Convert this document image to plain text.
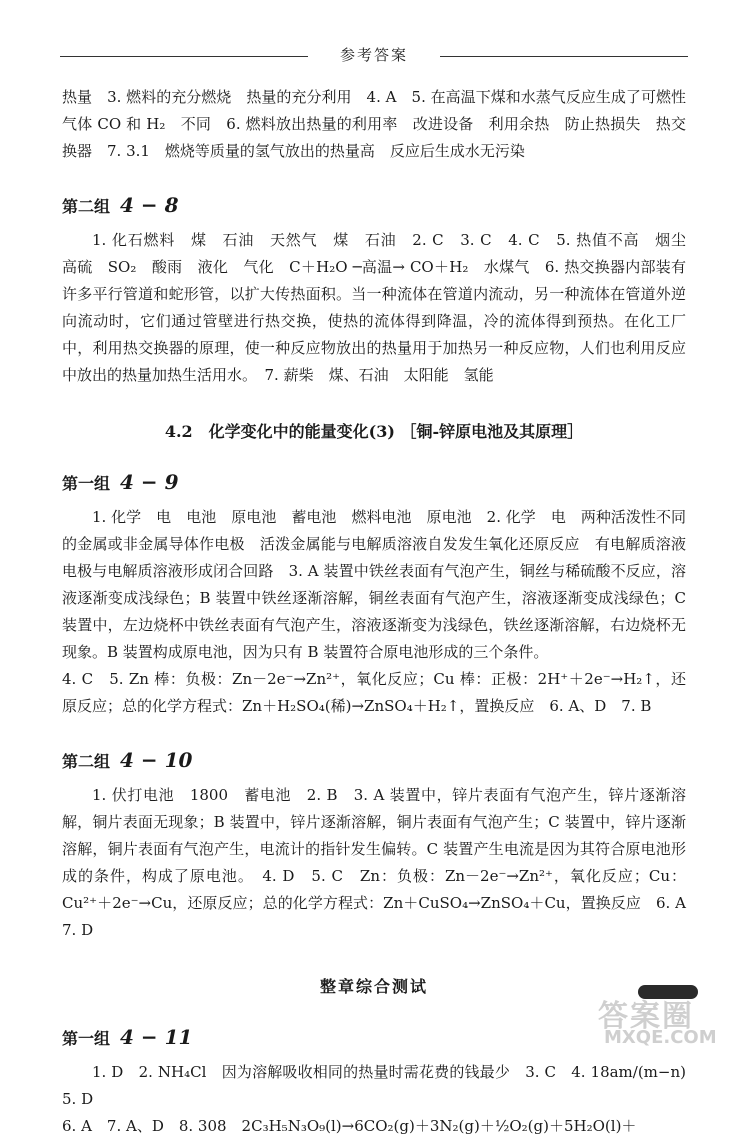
参考答案

热量　3. 燃料的充分燃烧　热量的充分利用　4. A　5. 在高温下煤和水蒸气反应生成了可燃性气体 CO 和 H₂　不同　6. 燃料放出热量的利用率　改进设备　利用余热　防止热损失　热交换器　7. 3.1　燃烧等质量的氢气放出的热量高　反应后生成水无污染

第二组 4 − 8

1. 化石燃料　煤　石油　天然气　煤　石油　2. C　3. C　4. C　5. 热值不高　烟尘　高硫　SO₂　酸雨　液化　气化　C＋H₂O ─高温→ CO＋H₂　水煤气　6. 热交换器内部装有许多平行管道和蛇形管，以扩大传热面积。当一种流体在管道内流动，另一种流体在管道外逆向流动时，它们通过管壁进行热交换，使热的流体得到降温，冷的流体得到预热。在化工厂中，利用热交换器的原理，使一种反应物放出的热量用于加热另一种反应物，人们也利用反应中放出的热量加热生活用水。　7. 薪柴　煤、石油　太阳能　氢能

4.2　化学变化中的能量变化(3) ［铜-锌原电池及其原理］
第一组 4 − 9

1. 化学　电　电池　原电池　蓄电池　燃料电池　原电池　2. 化学　电　两种活泼性不同的金属或非金属导体作电极　活泼金属能与电解质溶液自发发生氧化还原反应　有电解质溶液　电极与电解质溶液形成闭合回路　3. A 装置中铁丝表面有气泡产生，铜丝与稀硫酸不反应，溶液逐渐变成浅绿色；B 装置中铁丝逐渐溶解，铜丝表面有气泡产生，溶液逐渐变成浅绿色；C 装置中，左边烧杯中铁丝表面有气泡产生，溶液逐渐变为浅绿色，铁丝逐渐溶解，右边烧杯无现象。B 装置构成原电池，因为只有 B 装置符合原电池形成的三个条件。

4. C　5. Zn 棒：负极：Zn－2e⁻→Zn²⁺，氧化反应；Cu 棒：正极：2H⁺＋2e⁻→H₂↑，还原反应；总的化学方程式：Zn＋H₂SO₄(稀)→ZnSO₄＋H₂↑，置换反应　6. A、D　7. B

第二组 4 − 10

1. 伏打电池　1800　蓄电池　2. B　3. A 装置中，锌片表面有气泡产生，锌片逐渐溶解，铜片表面无现象；B 装置中，锌片逐渐溶解，铜片表面有气泡产生；C 装置中，锌片逐渐溶解，铜片表面有气泡产生，电流计的指针发生偏转。C 装置产生电流是因为其符合原电池形成的条件，构成了原电池。　4. D　5. C　Zn：负极：Zn－2e⁻→Zn²⁺，氧化反应；Cu：Cu²⁺＋2e⁻→Cu，还原反应；总的化学方程式：Zn＋CuSO₄→ZnSO₄＋Cu，置换反应　6. A　7. D

整章综合测试
第一组 4 − 11

1. D　2. NH₄Cl　因为溶解吸收相同的热量时需花费的钱最少　3. C　4. 18am/(m−n)　5. D

6. A　7. A、D　8. 308　2C₃H₅N₃O₉(l)→6CO₂(g)＋3N₂(g)＋½O₂(g)＋5H₂O(l)＋

答案圈
MXQE.COM
